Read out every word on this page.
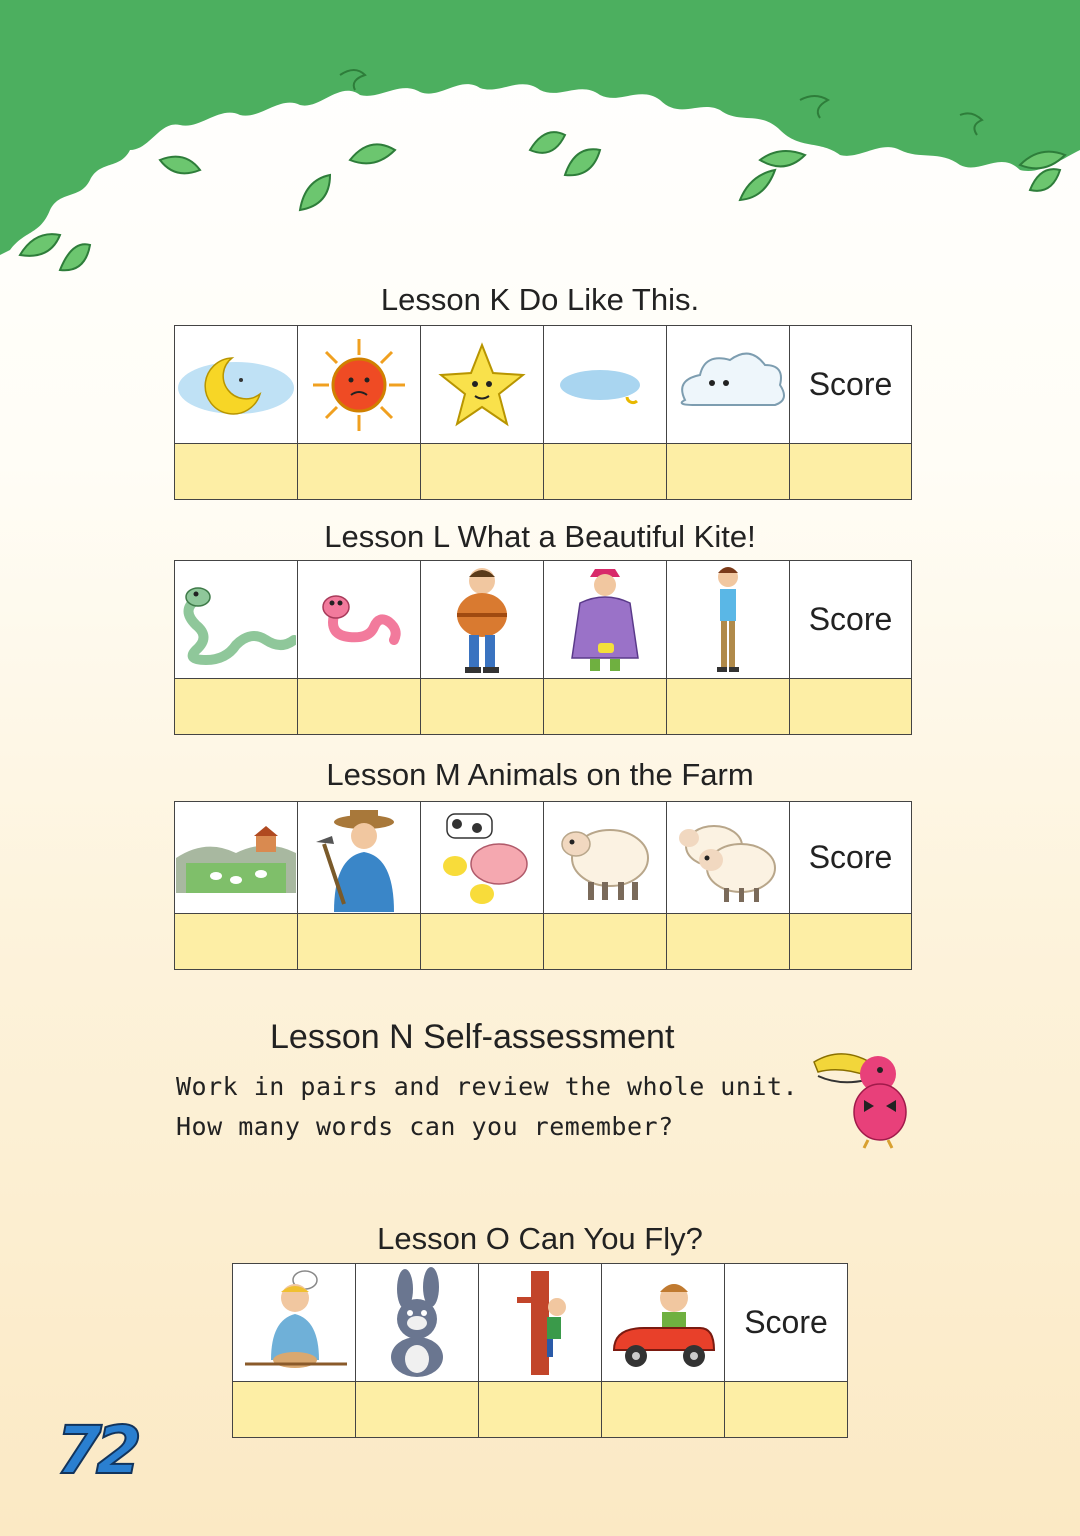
Lesson K Do Like This.

	Score

Lesson L What a Beautiful Kite!

	Score

Lesson M Animals on the Farm

	Score

Lesson N Self-assessment
Work in pairs and review the whole unit.
How many words can you remember?
Lesson O Can You Fly?

	Score

72
